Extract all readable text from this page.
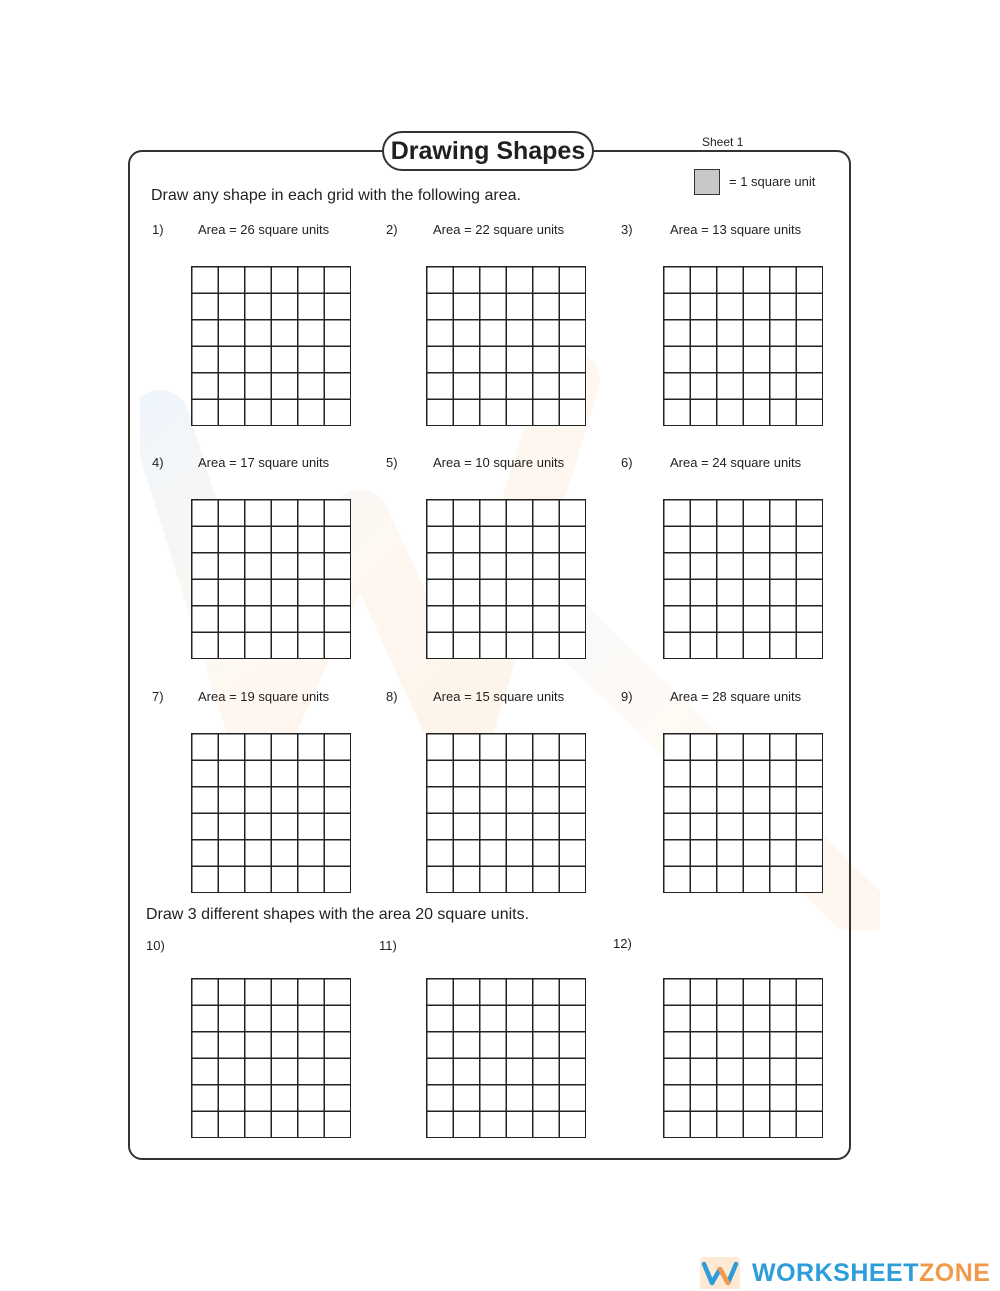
Drawing Shapes	Sheet 1
= 1 square unit
Draw any shape in each grid with the following area.
1)	Area = 26 square units	2)	Area = 22 square units	3)	Area = 13 square units
4)	Area = 17 square units	5)	Area = 10 square units	6)	Area = 24 square units
7)	Area = 19 square units	8)	Area = 15 square units	9)	Area = 28 square units
Draw 3 different shapes with the area 20 square units.
10)	11)	12)
WORKSHEETZONE
